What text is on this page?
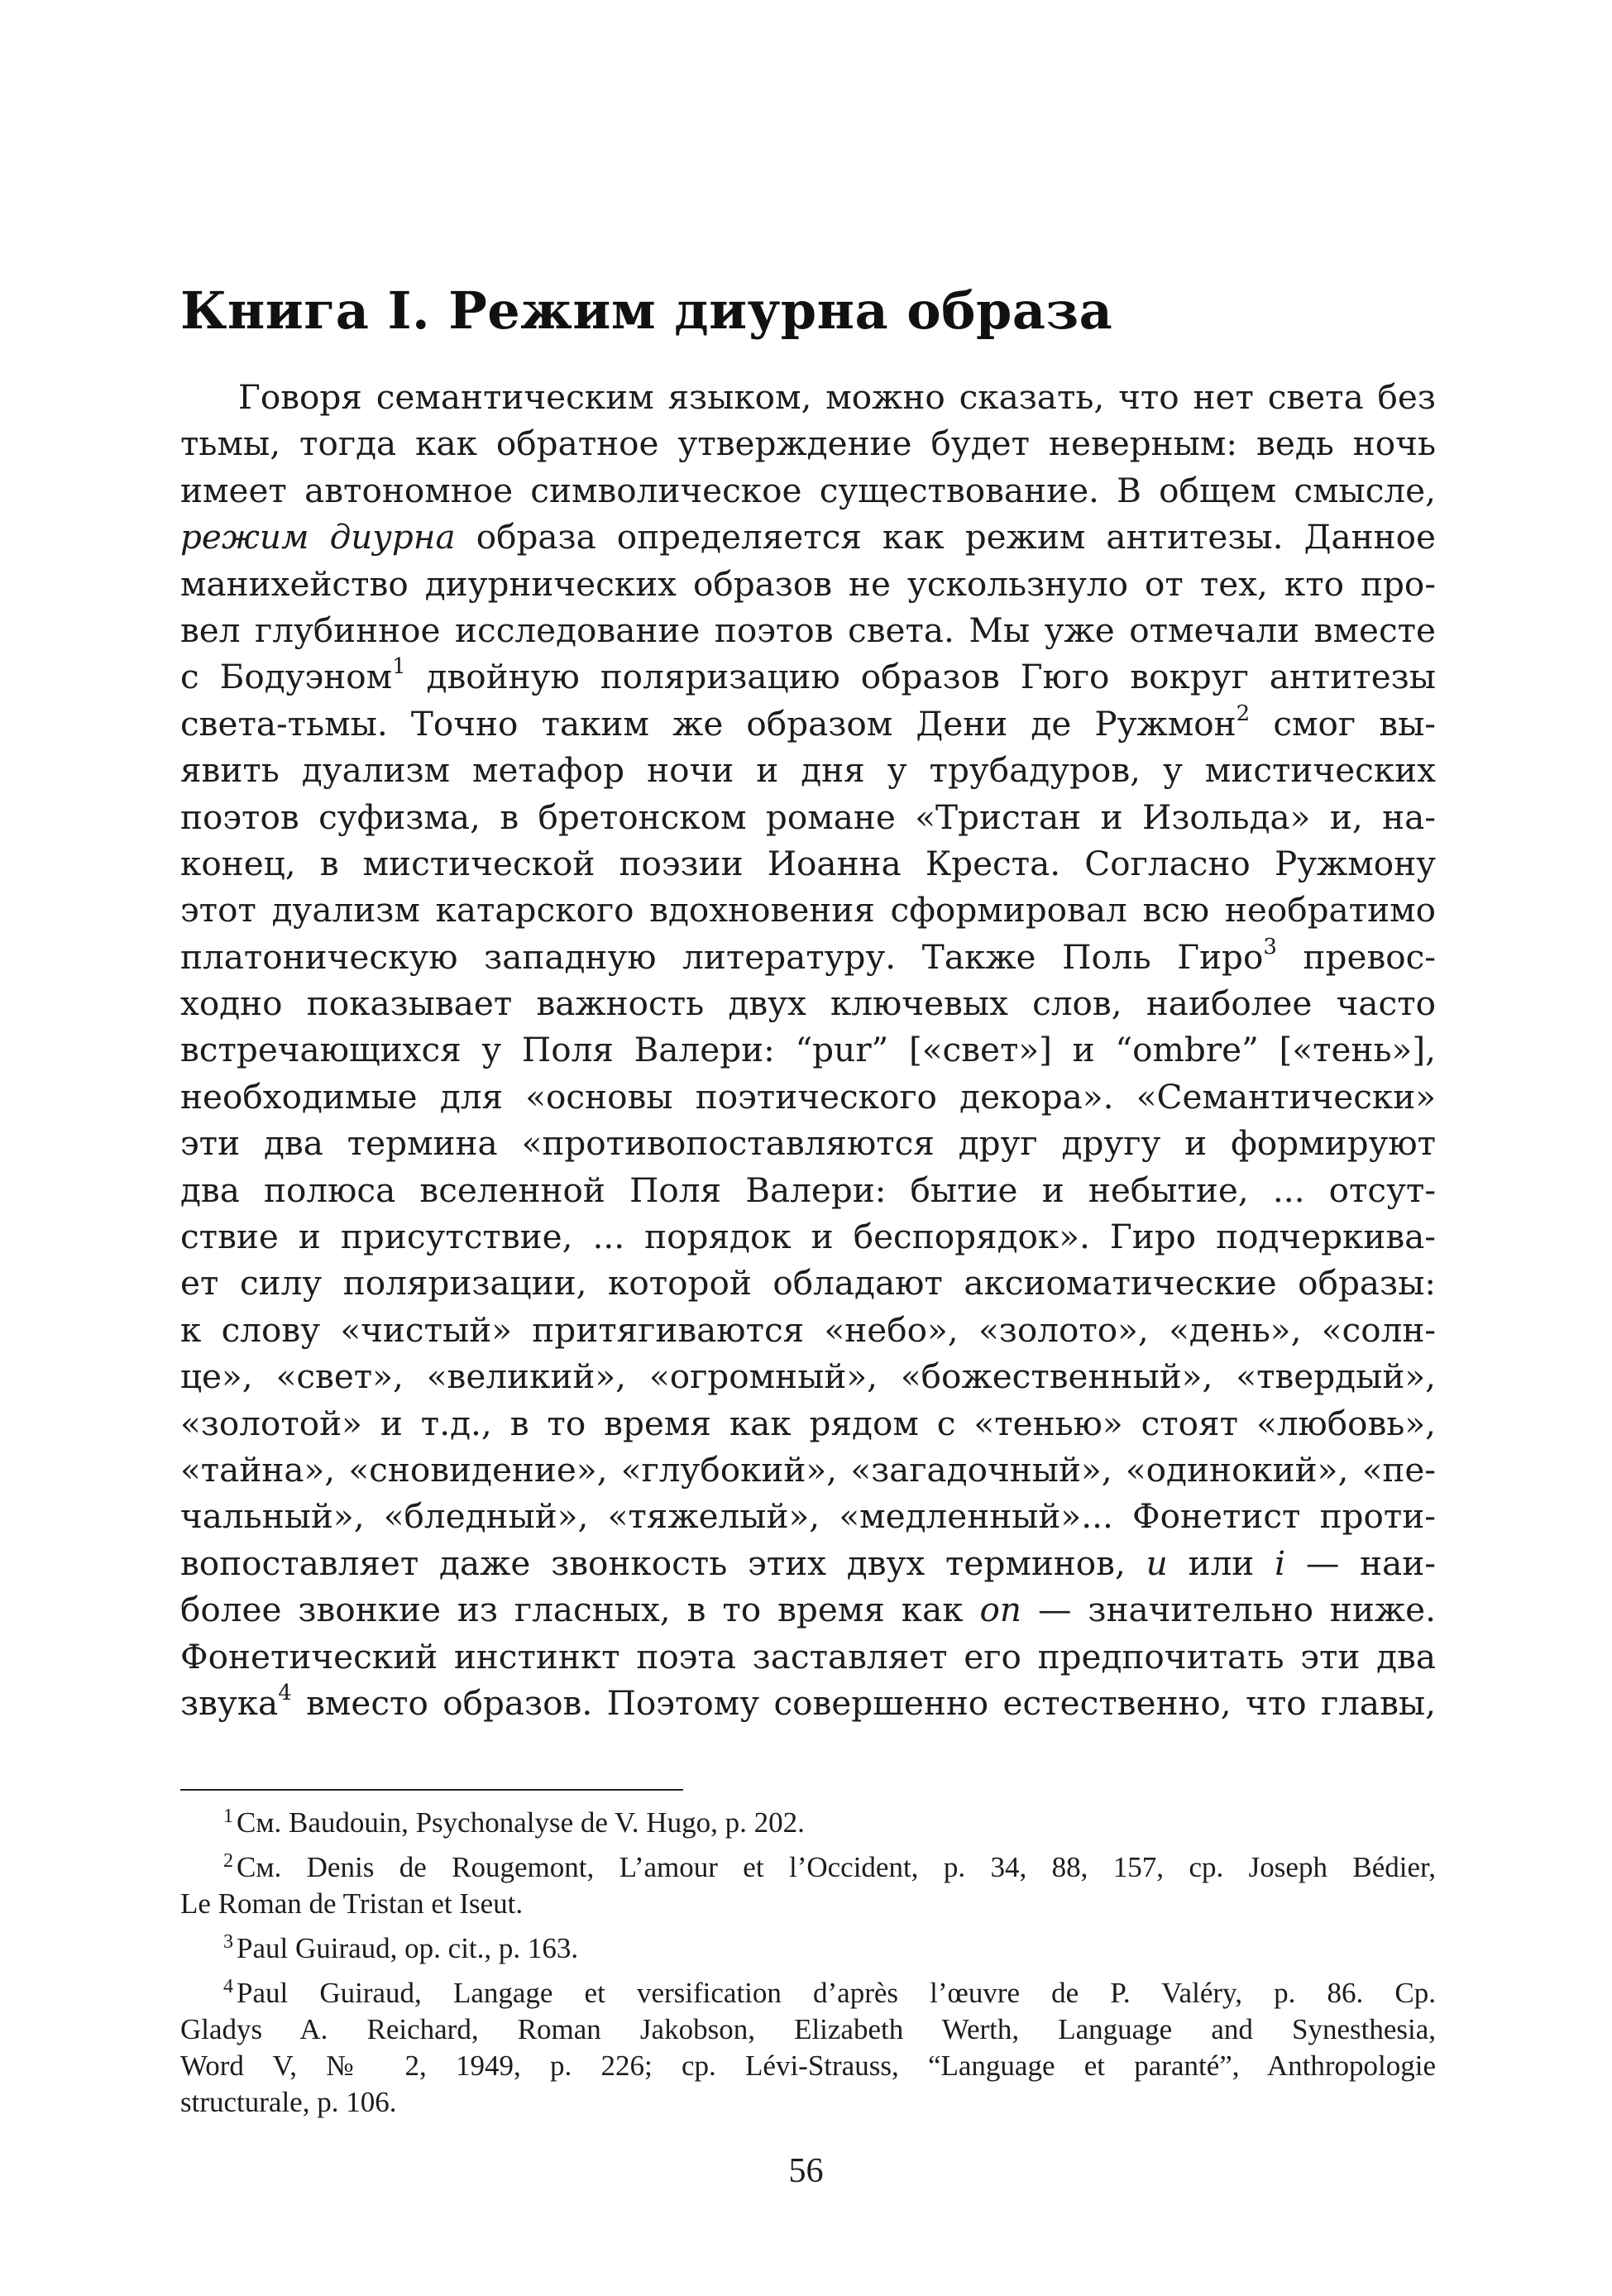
Книга I. Режим диурна образа
Говоря семантическим языком, можно сказать, что нет света без
тьмы, тогда как обратное утверждение будет неверным: ведь ночь
имеет автономное символическое существование. В общем смысле,
режим диурна образа определяется как режим антитезы. Данное
манихейство диурнических образов не ускользнуло от тех, кто про-
вел глубинное исследование поэтов света. Мы уже отмечали вместе
с Бодуэном$^1$ двойную поляризацию образов Гюго вокруг антитезы
света-тьмы. Точно таким же образом Дени де Ружмон$^2$ смог вы-
явить дуализм метафор ночи и дня у трубадуров, у мистических
поэтов суфизма, в бретонском романе «Тристан и Изольда» и, на-
конец, в мистической поэзии Иоанна Креста. Согласно Ружмону
этот дуализм катарского вдохновения сформировал всю необратимо
платоническую западную литературу. Также Поль Гиро$^3$ превос-
ходно показывает важность двух ключевых слов, наиболее часто
встречающихся у Поля Валери: “pur” [«свет»] и “ombre” [«тень»],
необходимые для «основы поэтического декора». «Семантически»
эти два термина «противопоставляются друг другу и формируют
два полюса вселенной Поля Валери: бытие и небытие, ... отсут-
ствие и присутствие, ... порядок и беспорядок». Гиро подчеркива-
ет силу поляризации, которой обладают аксиоматические образы:
к слову «чистый» притягиваются «небо», «золото», «день», «солн-
це», «свет», «великий», «огромный», «божественный», «твердый»,
«золотой» и т.д., в то время как рядом с «тенью» стоят «любовь»,
«тайна», «сновидение», «глубокий», «загадочный», «одинокий», «пе-
чальный», «бледный», «тяжелый», «медленный»... Фонетист проти-
вопоставляет даже звонкость этих двух терминов, u или i — наи-
более звонкие из гласных, в то время как on — значительно ниже.
Фонетический инстинкт поэта заставляет его предпочитать эти два
звука$^4$ вместо образов. Поэтому совершенно естественно, что главы,
$^1$ См. Baudouin, Psychonalyse de V. Hugo, p. 202.
$^2$ См. Denis de Rougemont, L’amour et l’Occident, p. 34, 88, 157, ср. Joseph Bédier,
Le Roman de Tristan et Iseut.
$^3$ Paul Guiraud, op. cit., p. 163.
$^4$ Paul Guiraud, Langage et versification d’après l’œuvre de P. Valéry, p. 86. Ср.
Gladys A. Reichard, Roman Jakobson, Elizabeth Werth, Language and Synesthesia,
Word V, № 2, 1949, p. 226; ср. Lévi-Strauss, “Language et paranté”, Anthropologie
structurale, p. 106.
56
